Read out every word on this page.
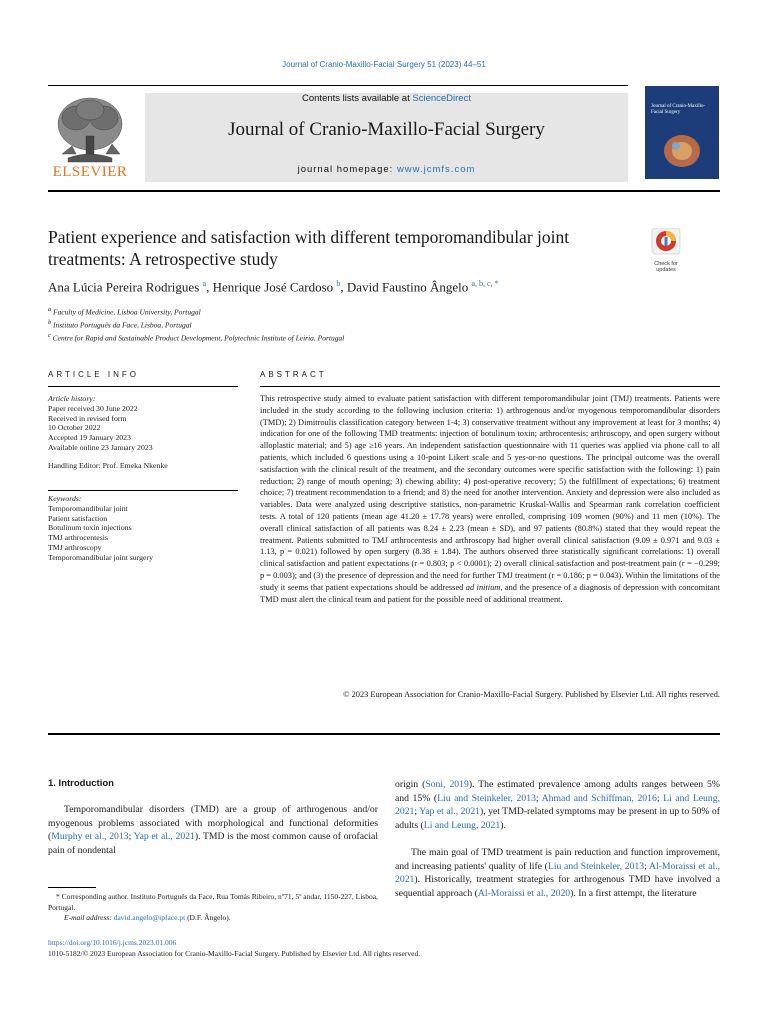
Journal of Cranio-Maxillo-Facial Surgery 51 (2023) 44–51
ELSEVIER
Contents lists available at ScienceDirect
Journal of Cranio-Maxillo-Facial Surgery
journal homepage: www.jcmfs.com
Journal of Cranio-Maxillo-Facial Surgery
Patient experience and satisfaction with different temporomandibular joint treatments: A retrospective study	Check for updates
Ana Lúcia Pereira Rodrigues $^a$, Henrique José Cardoso $^b$, David Faustino Ângelo $^{a, b, c, *}$
$^a$ Faculty of Medicine, Lisboa University, Portugal
$^b$ Instituto Português da Face, Lisboa, Portugal
$^c$ Centre for Rapid and Sustainable Product Development, Polytechnic Institute of Leiria, Portugal
ARTICLE INFO
Article history:
Paper received 30 June 2022
Received in revised form
10 October 2022
Accepted 19 January 2023
Available online 23 January 2023
Handling Editor: Prof. Emeka Nkenke
Keywords:
Temporomandibular joint
Patient satisfaction
Botulinum toxin injections
TMJ arthrocentesis
TMJ arthroscopy
Temporomandibular joint surgery
ABSTRACT
This retrospective study aimed to evaluate patient satisfaction with different temporomandibular joint (TMJ) treatments. Patients were included in the study according to the following inclusion criteria: 1) arthrogenous and/or myogenous temporomandibular disorders (TMD); 2) Dimitroulis classification category between 1-4; 3) conservative treatment without any improvement at least for 3 months; 4) indication for one of the following TMD treatments: injection of botulinum toxin; arthrocentesis; arthroscopy, and open surgery without alloplastic material; and 5) age ≥16 years. An independent satisfaction questionnaire with 11 queries was applied via phone call to all patients, which included 6 questions using a 10-point Likert scale and 5 yes-or-no questions. The principal outcome was the overall satisfaction with the clinical result of the treatment, and the secondary outcomes were specific satisfaction with the following: 1) pain reduction; 2) range of mouth opening; 3) chewing ability; 4) post-operative recovery; 5) the fulfillment of expectations; 6) treatment choice; 7) treatment recommendation to a friend; and 8) the need for another intervention. Anxiety and depression were also included as variables. Data were analyzed using descriptive statistics, non-parametric Kruskal-Wallis and Spearman rank correlation coefficient tests. A total of 120 patients (mean age 41.20 ± 17.78 years) were enrolled, comprising 109 women (90%) and 11 men (10%). The overall clinical satisfaction of all patients was 8.24 ± 2.23 (mean ± SD), and 97 patients (80.8%) stated that they would repeat the treatment. Patients submitted to TMJ arthrocentesis and arthroscopy had higher overall clinical satisfaction (9.09 ± 0.971 and 9.03 ± 1.13, p = 0.021) followed by open surgery (8.38 ± 1.84). The authors observed three statistically significant correlations: 1) overall clinical satisfaction and patient expectations (r = 0.803; p < 0.0001); 2) overall clinical satisfaction and post-treatment pain (r = −0.299; p = 0.003); and (3) the presence of depression and the need for further TMJ treatment (r = 0.186; p = 0.043). Within the limitations of the study it seems that patient expectations should be addressed ad initium, and the presence of a diagnosis of depression with concomitant TMD must alert the clinical team and patient for the possible need of additional treatment.
© 2023 European Association for Cranio-Maxillo-Facial Surgery. Published by Elsevier Ltd. All rights reserved.
1. Introduction
Temporomandibular disorders (TMD) are a group of arthrogenous and/or myogenous problems associated with morphological and functional deformities (Murphy et al., 2013; Yap et al., 2021). TMD is the most common cause of orofacial pain of nondental
origin (Soni, 2019). The estimated prevalence among adults ranges between 5% and 15% (Liu and Steinkeler, 2013; Ahmad and Schiffman, 2016; Li and Leung, 2021; Yap et al., 2021), yet TMD-related symptoms may be present in up to 50% of adults (Li and Leung, 2021).
The main goal of TMD treatment is pain reduction and function improvement, and increasing patients' quality of life (Liu and Steinkeler, 2013; Al-Moraissi et al., 2021). Historically, treatment strategies for arthrogenous TMD have involved a sequential approach (Al-Moraissi et al., 2020). In a first attempt, the literature
* Corresponding author. Instituto Português da Face, Rua Tomás Ribeiro, nº71, 5º andar, 1150-227, Lisboa, Portugal.
E-mail address: david.angelo@ipface.pt (D.F. Ângelo).
https://doi.org/10.1016/j.jcms.2023.01.006
1010-5182/© 2023 European Association for Cranio-Maxillo-Facial Surgery. Published by Elsevier Ltd. All rights reserved.
